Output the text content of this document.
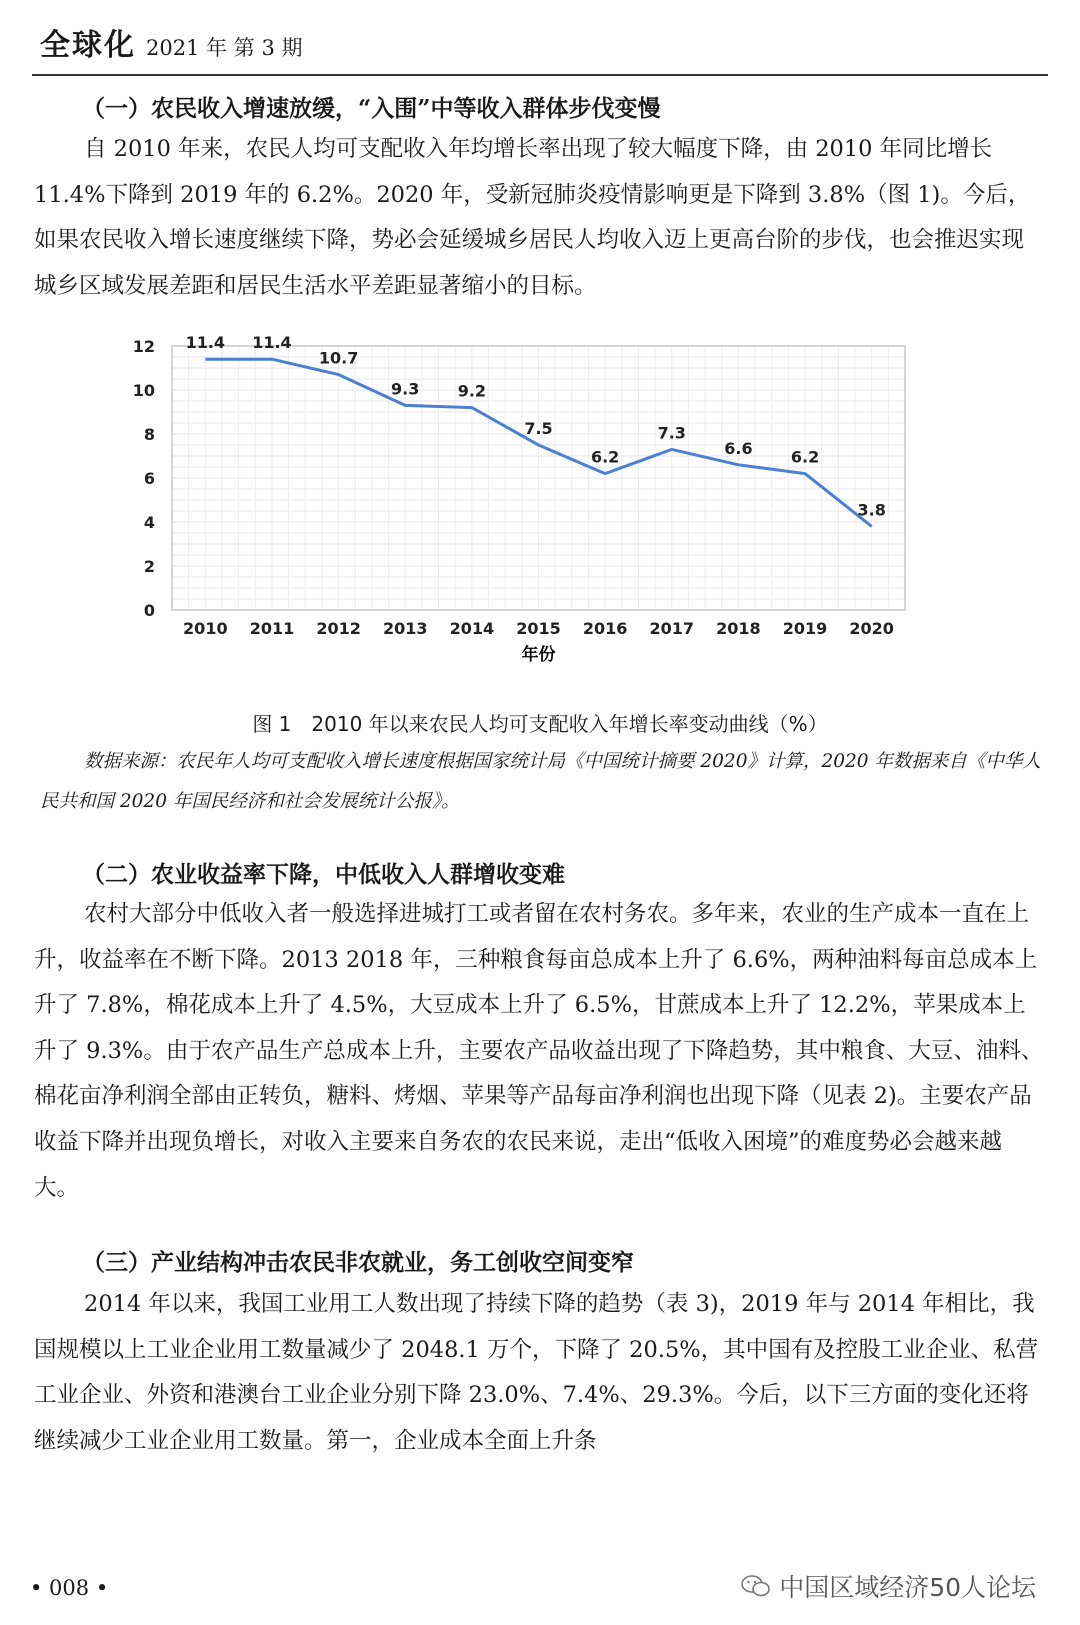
全球化 2021 年 第 3 期
（一）农民收入增速放缓，“入围”中等收入群体步伐变慢
自 2010 年来，农民人均可支配收入年均增长率出现了较大幅度下降，由 2010 年同比增长 11.4%下降到 2019 年的 6.2%。2020 年，受新冠肺炎疫情影响更是下降到 3.8%（图 1)。今后，如果农民收入增长速度继续下降，势必会延缓城乡居民人均收入迈上更高台阶的步伐，也会推迟实现城乡区域发展差距和居民生活水平差距显著缩小的目标。
0
2
4
6
8
10
12
2010 2011 2012 2013 2014 2015 2016 2017 2018 2019 2020
11.4 11.4
10.7
9.3 9.2
7.5
6.2
7.3
6.6 6.2
3.8
年份
图 1　2010 年以来农民人均可支配收入年增长率变动曲线（%）
数据来源：农民年人均可支配收入增长速度根据国家统计局《中国统计摘要 2020》计算，2020 年数据来自《中华人民共和国 2020 年国民经济和社会发展统计公报》。
（二）农业收益率下降，中低收入人群增收变难
农村大部分中低收入者一般选择进城打工或者留在农村务农。多年来，农业的生产成本一直在上升，收益率在不断下降。2013 2018 年，三种粮食每亩总成本上升了 6.6%，两种油料每亩总成本上升了 7.8%，棉花成本上升了 4.5%，大豆成本上升了 6.5%，甘蔗成本上升了 12.2%，苹果成本上升了 9.3%。由于农产品生产总成本上升，主要农产品收益出现了下降趋势，其中粮食、大豆、油料、棉花亩净利润全部由正转负，糖料、烤烟、苹果等产品每亩净利润也出现下降（见表 2)。主要农产品收益下降并出现负增长，对收入主要来自务农的农民来说，走出“低收入困境”的难度势必会越来越大。
（三）产业结构冲击农民非农就业，务工创收空间变窄
2014 年以来，我国工业用工人数出现了持续下降的趋势（表 3)，2019 年与 2014 年相比，我国规模以上工业企业用工数量减少了 2048.1 万个，下降了 20.5%，其中国有及控股工业企业、私营工业企业、外资和港澳台工业企业分别下降 23.0%、7.4%、29.3%。今后，以下三方面的变化还将继续减少工业企业用工数量。第一，企业成本全面上升条
• 008 •	中国区域经济50人论坛
